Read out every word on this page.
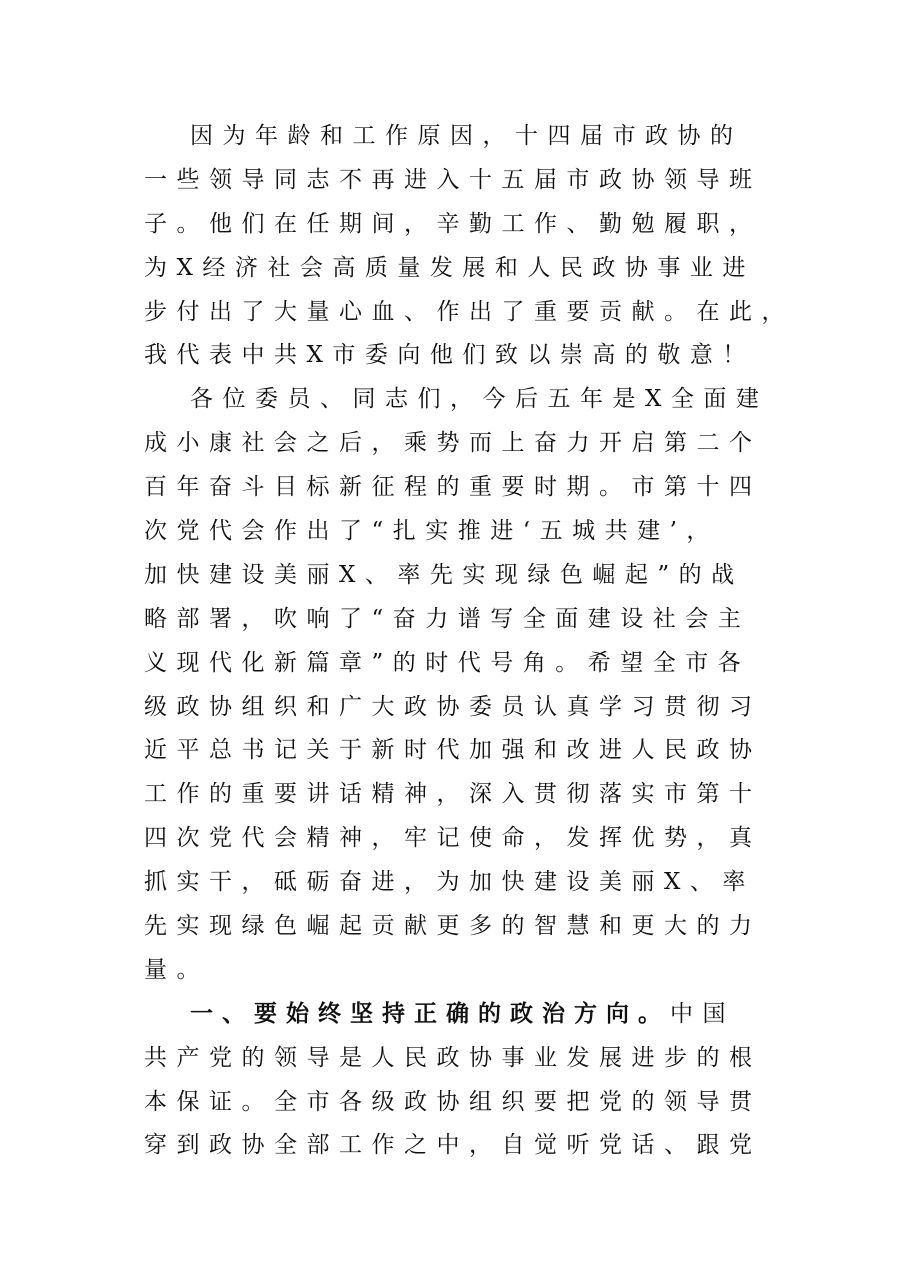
因为年龄和工作原因，十四届市政协的
一些领导同志不再进入十五届市政协领导班
子。他们在任期间，辛勤工作、勤勉履职，
为X经济社会高质量发展和人民政协事业进
步付出了大量心血、作出了重要贡献。在此，
我代表中共X市委向他们致以崇高的敬意！
各位委员、同志们，今后五年是X全面建
成小康社会之后，乘势而上奋力开启第二个
百年奋斗目标新征程的重要时期。市第十四
次党代会作出了“扎实推进‘五城共建’，
加快建设美丽X、率先实现绿色崛起”的战
略部署，吹响了“奋力谱写全面建设社会主
义现代化新篇章”的时代号角。希望全市各
级政协组织和广大政协委员认真学习贯彻习
近平总书记关于新时代加强和改进人民政协
工作的重要讲话精神，深入贯彻落实市第十
四次党代会精神，牢记使命，发挥优势，真
抓实干，砥砺奋进，为加快建设美丽X、率
先实现绿色崛起贡献更多的智慧和更大的力
量。
一、要始终坚持正确的政治方向。中国
共产党的领导是人民政协事业发展进步的根
本保证。全市各级政协组织要把党的领导贯
穿到政协全部工作之中，自觉听党话、跟党
